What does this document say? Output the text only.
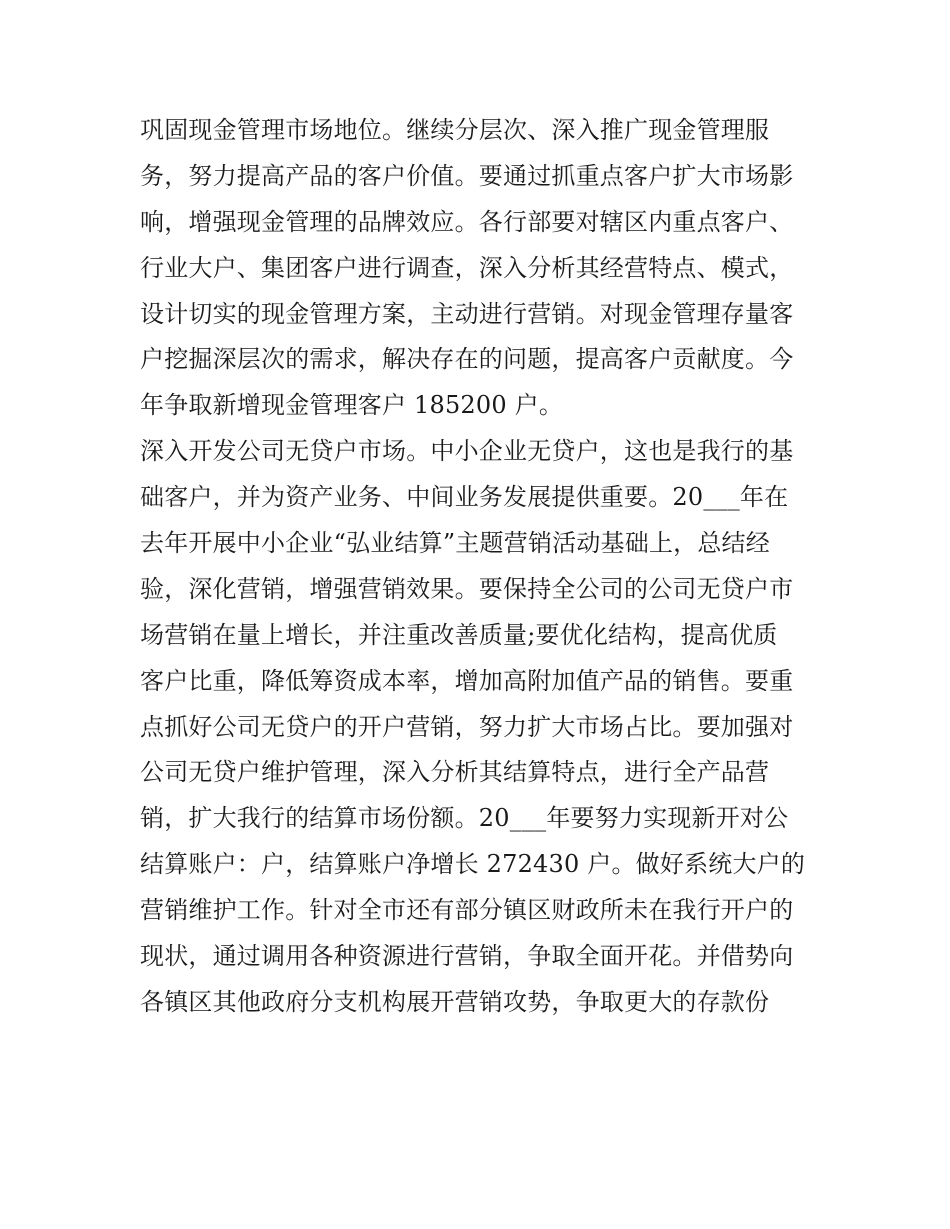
巩固现金管理市场地位。继续分层次、深入推广现金管理服
务，努力提高产品的客户价值。要通过抓重点客户扩大市场影
响，增强现金管理的品牌效应。各行部要对辖区内重点客户、
行业大户、集团客户进行调查，深入分析其经营特点、模式，
设计切实的现金管理方案，主动进行营销。对现金管理存量客
户挖掘深层次的需求，解决存在的问题，提高客户贡献度。今
年争取新增现金管理客户 185200 户。
深入开发公司无贷户市场。中小企业无贷户，这也是我行的基
础客户，并为资产业务、中间业务发展提供重要。20___年在
去年开展中小企业“弘业结算”主题营销活动基础上，总结经
验，深化营销，增强营销效果。要保持全公司的公司无贷户市
场营销在量上增长，并注重改善质量;要优化结构，提高优质
客户比重，降低筹资成本率，增加高附加值产品的销售。要重
点抓好公司无贷户的开户营销，努力扩大市场占比。要加强对
公司无贷户维护管理，深入分析其结算特点，进行全产品营
销，扩大我行的结算市场份额。20___年要努力实现新开对公
结算账户：户，结算账户净增长 272430 户。做好系统大户的
营销维护工作。针对全市还有部分镇区财政所未在我行开户的
现状，通过调用各种资源进行营销，争取全面开花。并借势向
各镇区其他政府分支机构展开营销攻势，争取更大的存款份
